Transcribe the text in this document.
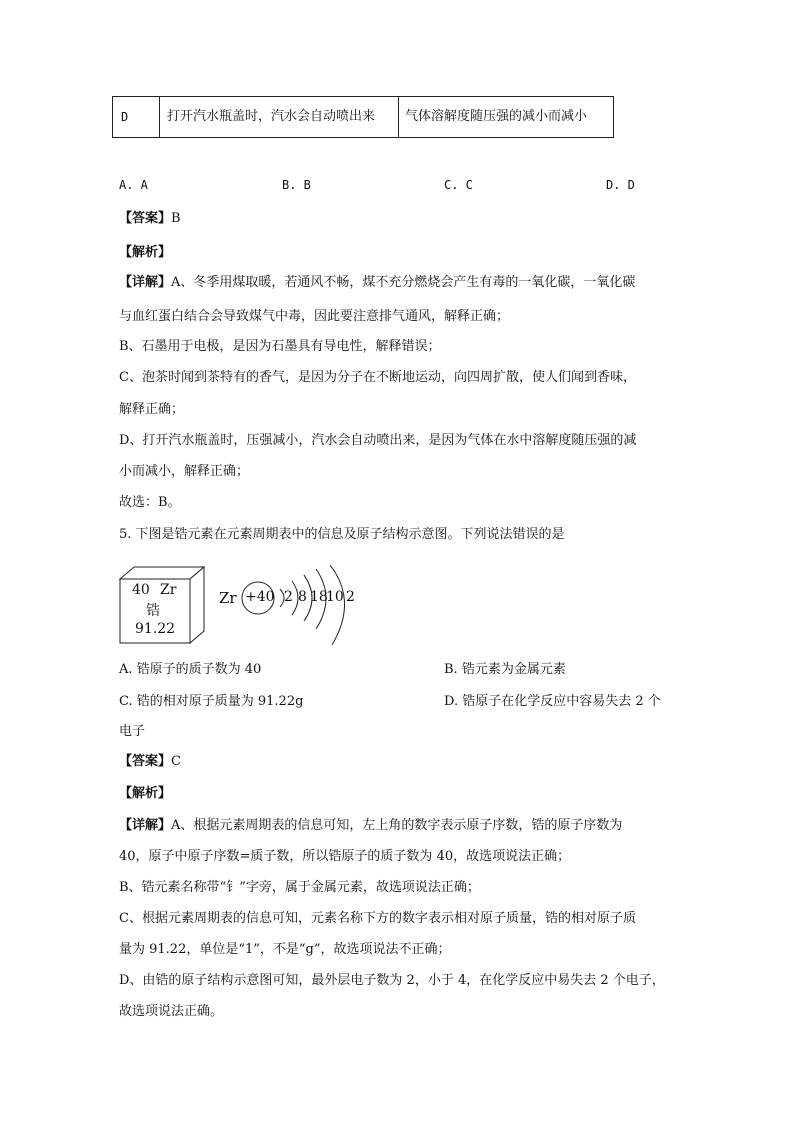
D	打开汽水瓶盖时，汽水会自动喷出来	气体溶解度随压强的减小而减小
A. A	B. B	C. C	D. D
【答案】B
【解析】
【详解】A、冬季用煤取暖，若通风不畅，煤不充分燃烧会产生有毒的一氧化碳，一氧化碳
与血红蛋白结合会导致煤气中毒，因此要注意排气通风，解释正确；
B、石墨用于电极，是因为石墨具有导电性，解释错误；
C、泡茶时闻到茶特有的香气，是因为分子在不断地运动，向四周扩散，使人们闻到香味，
解释正确；
D、打开汽水瓶盖时，压强减小，汽水会自动喷出来，是因为气体在水中溶解度随压强的减
小而减小，解释正确；
故选：B。
5. 下图是锆元素在元素周期表中的信息及原子结构示意图。下列说法错误的是
40 Zr
锆
91.22
Zr +40 2 8 18
10 2
A. 锆原子的质子数为 40	B. 锆元素为金属元素
C. 锆的相对原子质量为 91.22g	D. 锆原子在化学反应中容易失去 2 个
电子
【答案】C
【解析】
【详解】A、根据元素周期表的信息可知，左上角的数字表示原子序数，锆的原子序数为
40，原子中原子序数=质子数，所以锆原子的质子数为 40，故选项说法正确；
B、锆元素名称带“钅”字旁，属于金属元素，故选项说法正确；
C、根据元素周期表的信息可知，元素名称下方的数字表示相对原子质量，锆的相对原子质
量为 91.22，单位是“1”，不是“g”，故选项说法不正确；
D、由锆的原子结构示意图可知，最外层电子数为 2，小于 4，在化学反应中易失去 2 个电子，
故选项说法正确。
